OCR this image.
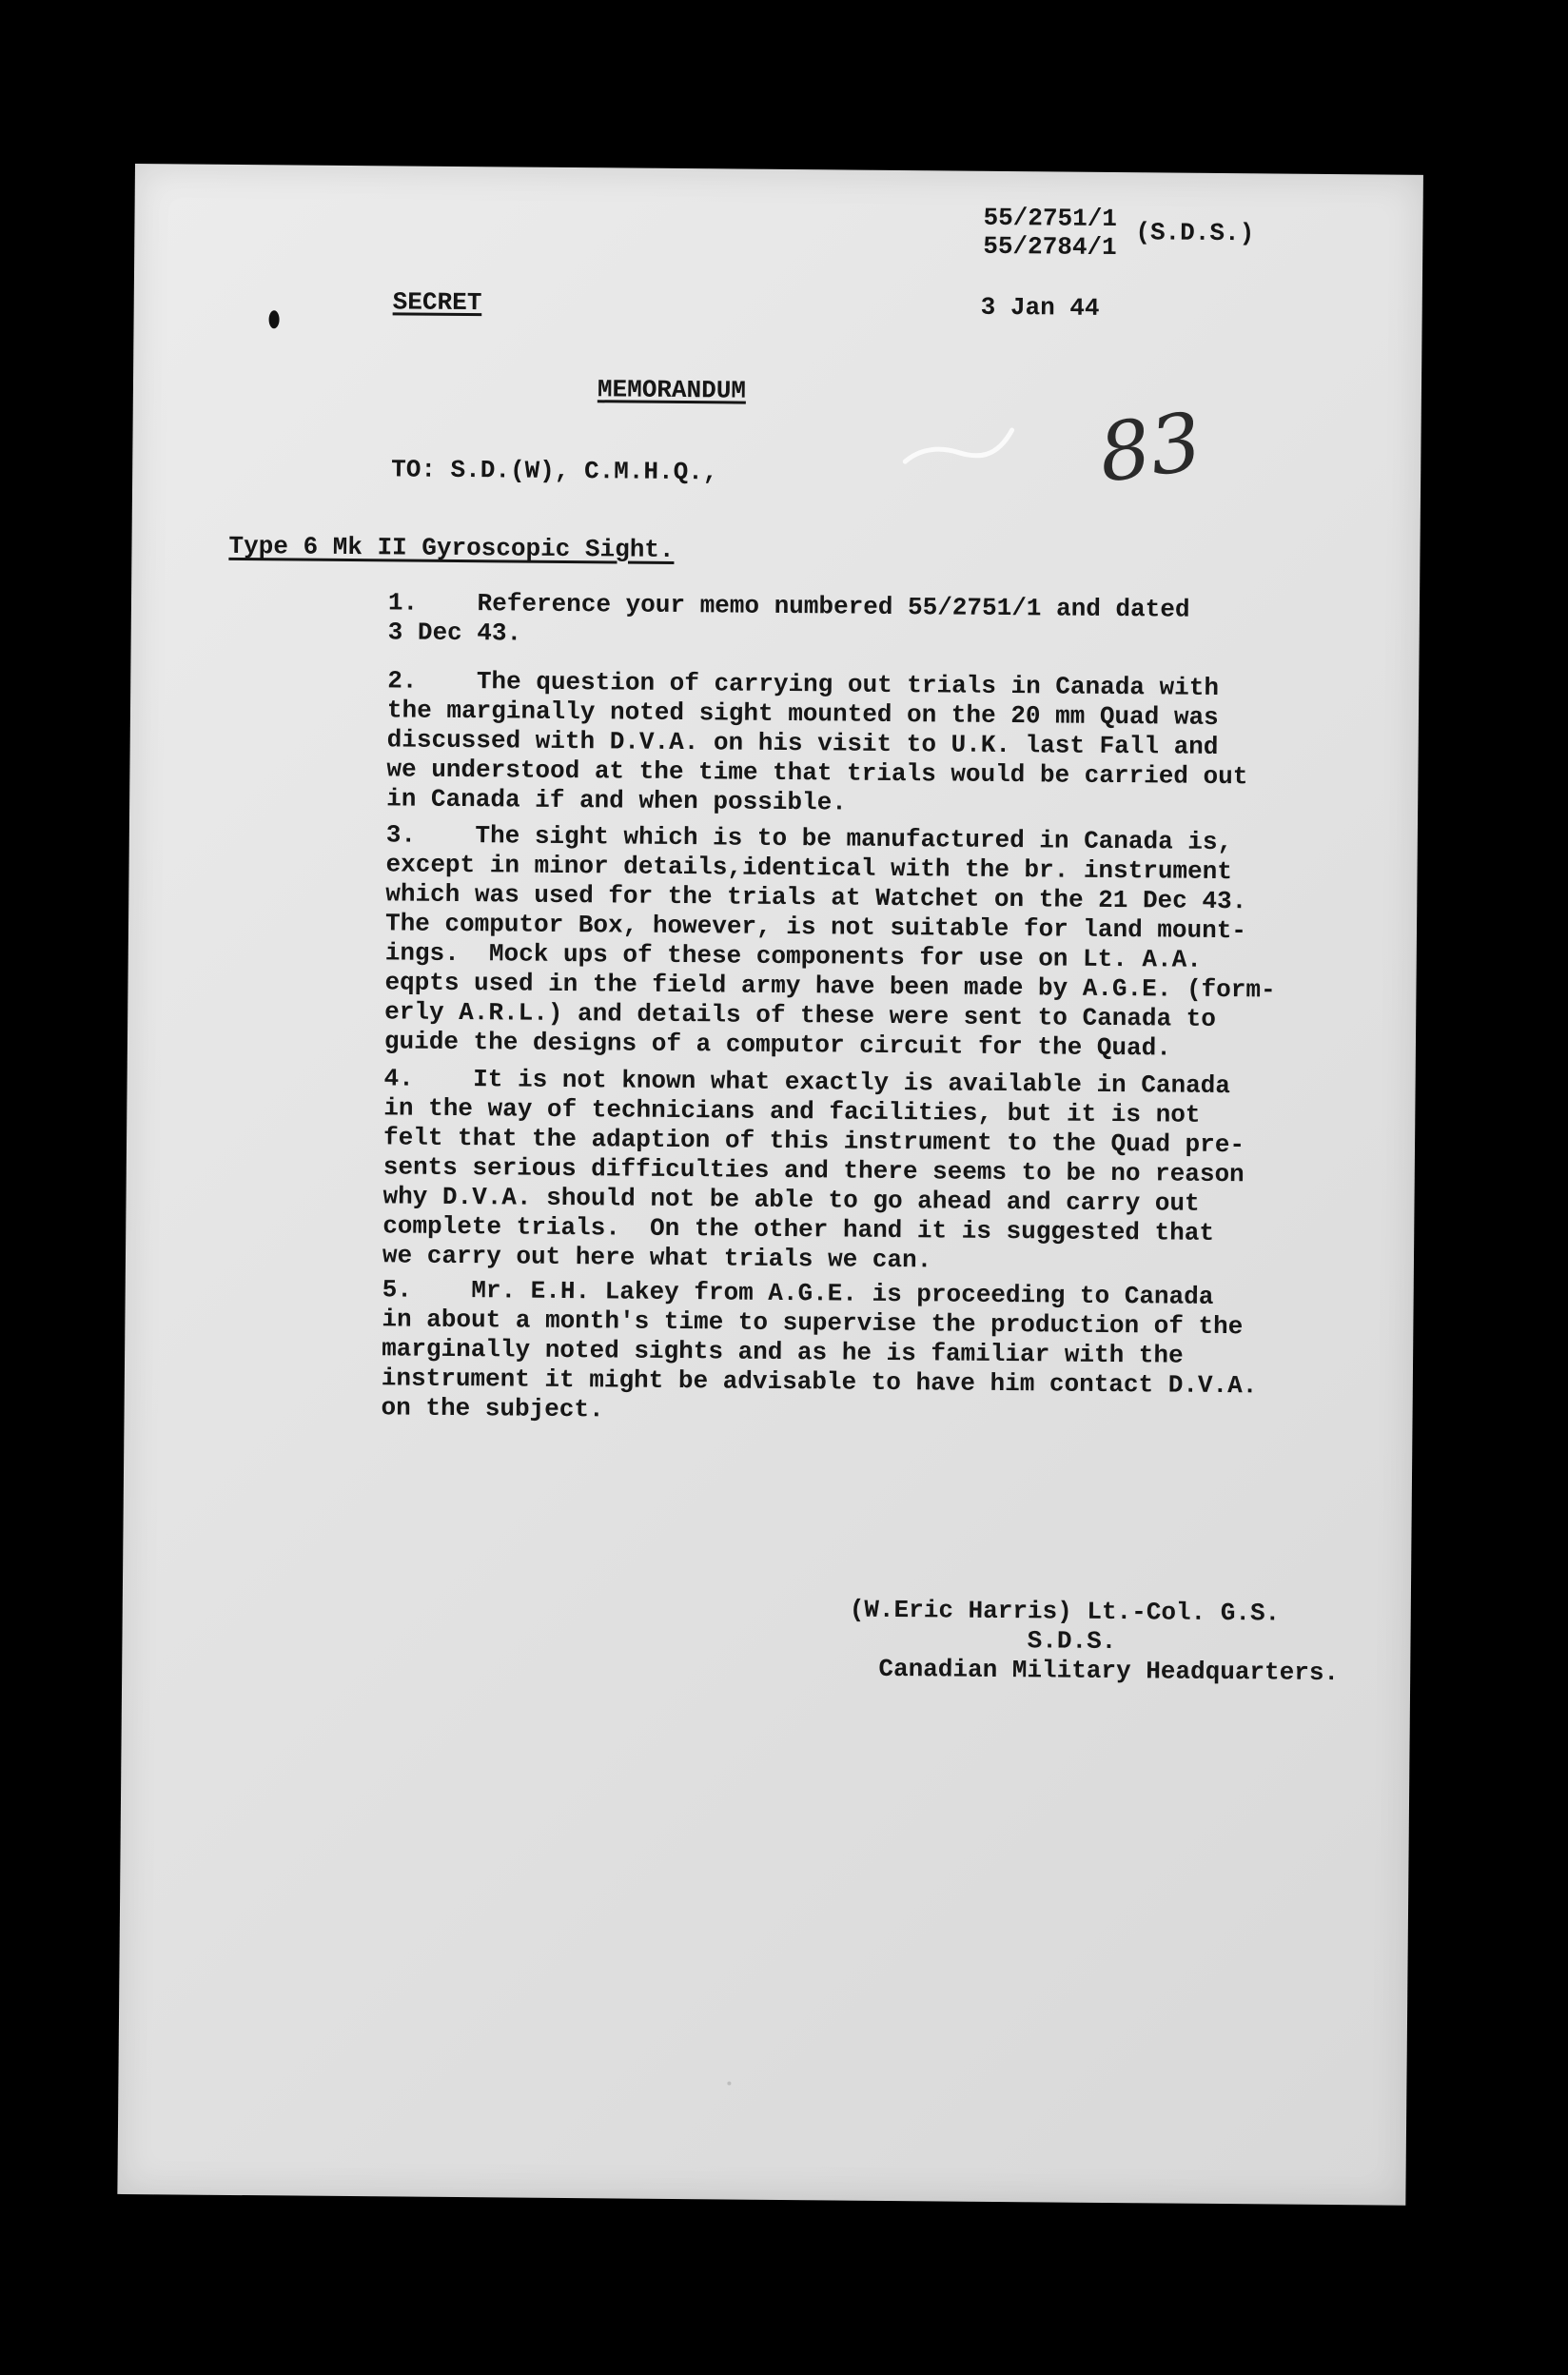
55/2751/1

55/2784/1 (S.D.S.)

SECRET	3 Jan 44

MEMORANDUM

83

TO: S.D.(W), C.M.H.Q.,

Type 6 Mk II Gyroscopic Sight.

1.    Reference your memo numbered 55/2751/1 and dated
3 Dec 43.

2.    The question of carrying out trials in Canada with
the marginally noted sight mounted on the 20 mm Quad was
discussed with D.V.A. on his visit to U.K. last Fall and
we understood at the time that trials would be carried out
in Canada if and when possible.

3.    The sight which is to be manufactured in Canada is,
except in minor details,identical with the br. instrument
which was used for the trials at Watchet on the 21 Dec 43.
The computor Box, however, is not suitable for land mount-
ings.  Mock ups of these components for use on Lt. A.A.
eqpts used in the field army have been made by A.G.E. (form-
erly A.R.L.) and details of these were sent to Canada to
guide the designs of a computor circuit for the Quad.

4.    It is not known what exactly is available in Canada
in the way of technicians and facilities, but it is not
felt that the adaption of this instrument to the Quad pre-
sents serious difficulties and there seems to be no reason
why D.V.A. should not be able to go ahead and carry out
complete trials.  On the other hand it is suggested that
we carry out here what trials we can.

5.    Mr. E.H. Lakey from A.G.E. is proceeding to Canada
in about a month's time to supervise the production of the
marginally noted sights and as he is familiar with the
instrument it might be advisable to have him contact D.V.A.
on the subject.

(W.Eric Harris) Lt.-Col. G.S.
S.D.S.
Canadian Military Headquarters.
